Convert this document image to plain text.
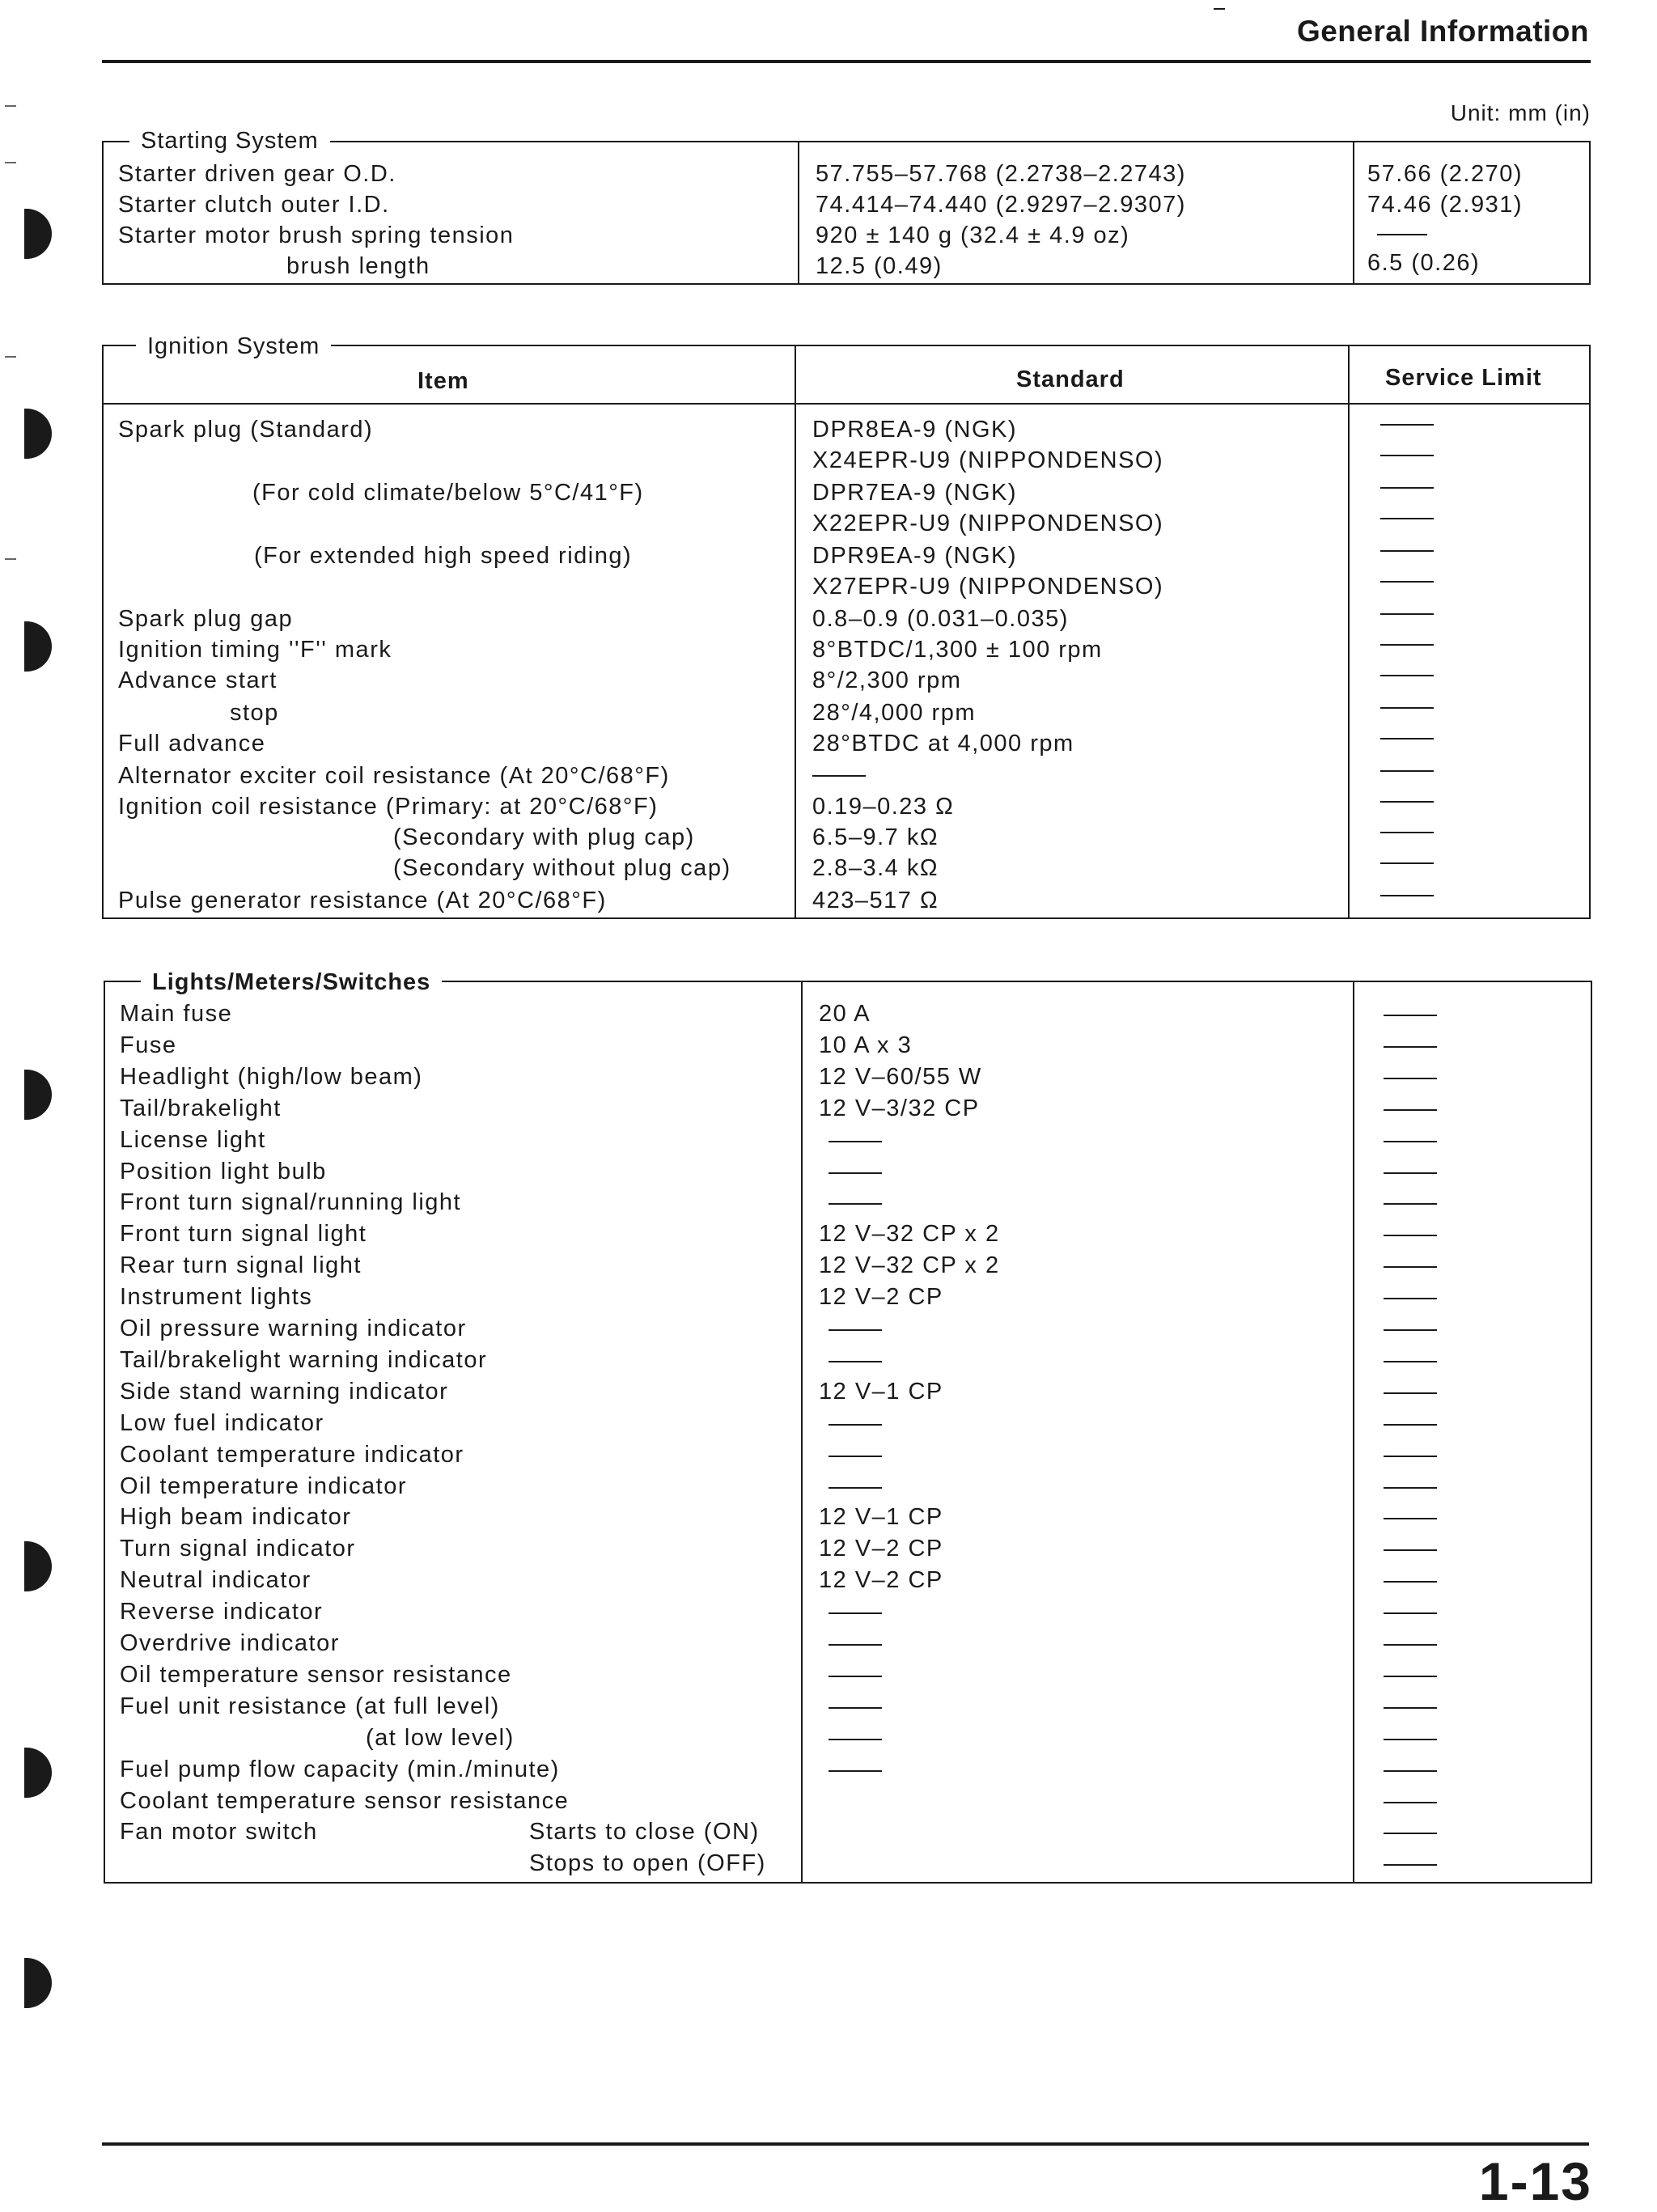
General Information
Unit: mm (in)
Starting System
Starter driven gear O.D.	57.755–57.768 (2.2738–2.2743)	57.66 (2.270)
Starter clutch outer I.D.	74.414–74.440 (2.9297–2.9307)	74.46 (2.931)
Starter motor brush spring tension	920 ± 140 g (32.4 ± 4.9 oz)
brush length	12.5 (0.49)	6.5 (0.26)
Ignition System
Item	Standard	Service Limit
Spark plug (Standard)	DPR8EA-9 (NGK)
X24EPR-U9 (NIPPONDENSO)
(For cold climate/below 5°C/41°F)	DPR7EA-9 (NGK)
X22EPR-U9 (NIPPONDENSO)
(For extended high speed riding)	DPR9EA-9 (NGK)
X27EPR-U9 (NIPPONDENSO)
Spark plug gap	0.8–0.9 (0.031–0.035)
Ignition timing ''F'' mark	8°BTDC/1,300 ± 100 rpm
Advance start	8°/2,300 rpm
stop	28°/4,000 rpm
Full advance	28°BTDC at 4,000 rpm
Alternator exciter coil resistance (At 20°C/68°F)
Ignition coil resistance (Primary: at 20°C/68°F)	0.19–0.23 Ω
(Secondary with plug cap)	6.5–9.7 kΩ
(Secondary without plug cap)	2.8–3.4 kΩ
Pulse generator resistance (At 20°C/68°F)	423–517 Ω
Lights/Meters/Switches
Main fuse	20 A
Fuse	10 A x 3
Headlight (high/low beam)	12 V–60/55 W
Tail/brakelight	12 V–3/32 CP
License light
Position light bulb
Front turn signal/running light
Front turn signal light	12 V–32 CP x 2
Rear turn signal light	12 V–32 CP x 2
Instrument lights	12 V–2 CP
Oil pressure warning indicator
Tail/brakelight warning indicator
Side stand warning indicator	12 V–1 CP
Low fuel indicator
Coolant temperature indicator
Oil temperature indicator
High beam indicator	12 V–1 CP
Turn signal indicator	12 V–2 CP
Neutral indicator	12 V–2 CP
Reverse indicator
Overdrive indicator
Oil temperature sensor resistance
Fuel unit resistance (at full level)
(at low level)
Fuel pump flow capacity (min./minute)
Coolant temperature sensor resistance
Fan motor switch	Starts to close (ON)
Stops to open (OFF)
1-13
